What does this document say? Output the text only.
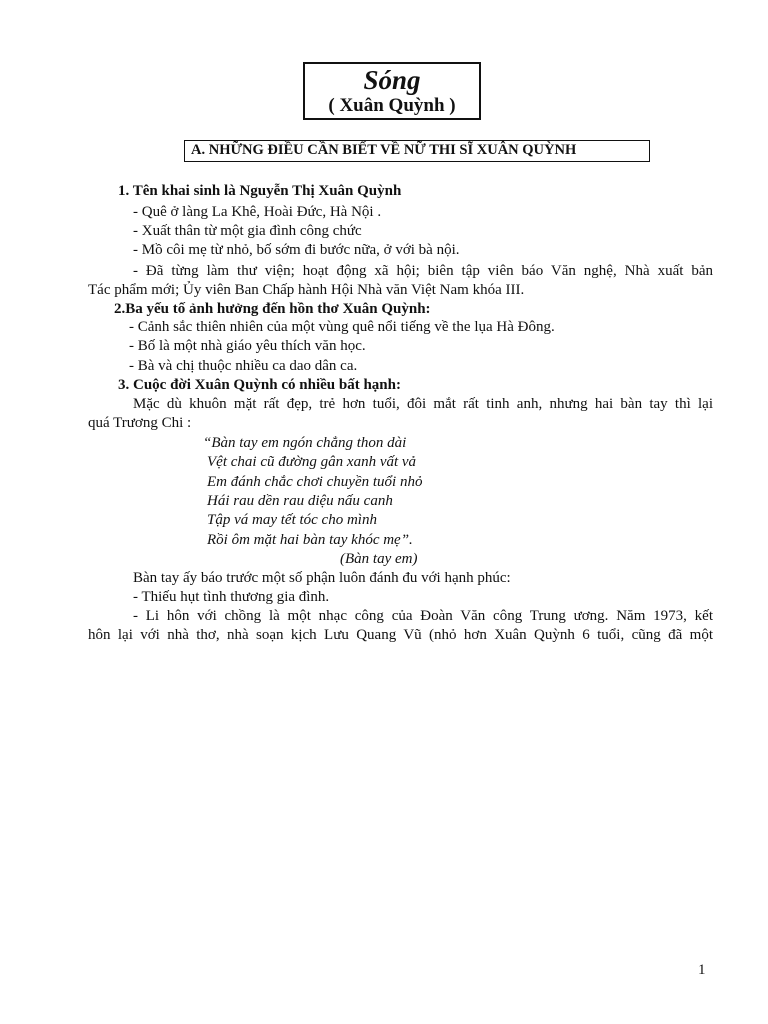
Sóng
( Xuân Quỳnh )
A. NHỮNG ĐIỀU CẦN BIẾT VỀ NỮ THI SĨ XUÂN QUỲNH
1. Tên khai sinh là Nguyễn Thị Xuân Quỳnh
- Quê ở làng La Khê, Hoài Đức, Hà Nội .
- Xuất thân từ một gia đình công chức
- Mồ côi mẹ từ nhỏ, bố sớm đi bước nữa, ở với bà nội.
- Đã từng làm thư viện; hoạt động xã hội; biên tập viên báo Văn nghệ, Nhà xuất bản
Tác phẩm mới; Ủy viên Ban Chấp hành Hội Nhà văn Việt Nam khóa III.
2.Ba yếu tố ảnh hưởng đến hồn thơ Xuân Quỳnh:
- Cảnh sắc thiên nhiên của một vùng quê nổi tiếng về the lụa Hà Đông.
- Bố là một nhà giáo yêu thích văn học.
- Bà và chị thuộc nhiều ca dao dân ca.
3. Cuộc đời Xuân Quỳnh có nhiều bất hạnh:
Mặc dù khuôn mặt rất đẹp, trẻ hơn tuổi, đôi mắt rất tinh anh, nhưng hai bàn tay thì lại
quá Trương Chi :
“Bàn tay em ngón chẳng thon dài
Vệt chai cũ đường gân xanh vất vả
Em đánh chắc chơi chuyền tuổi nhỏ
Hái rau dền rau diệu nấu canh
Tập vá may tết tóc cho mình
Rồi ôm mặt hai bàn tay khóc mẹ”.
(Bàn tay em)
Bàn tay ấy báo trước một số phận luôn đánh đu với hạnh phúc:
- Thiếu hụt tình thương gia đình.
- Li hôn với chồng là một nhạc công của Đoàn Văn công Trung ương. Năm 1973, kết
hôn lại với nhà thơ, nhà soạn kịch Lưu Quang Vũ (nhỏ hơn Xuân Quỳnh 6 tuổi, cũng đã một
1
